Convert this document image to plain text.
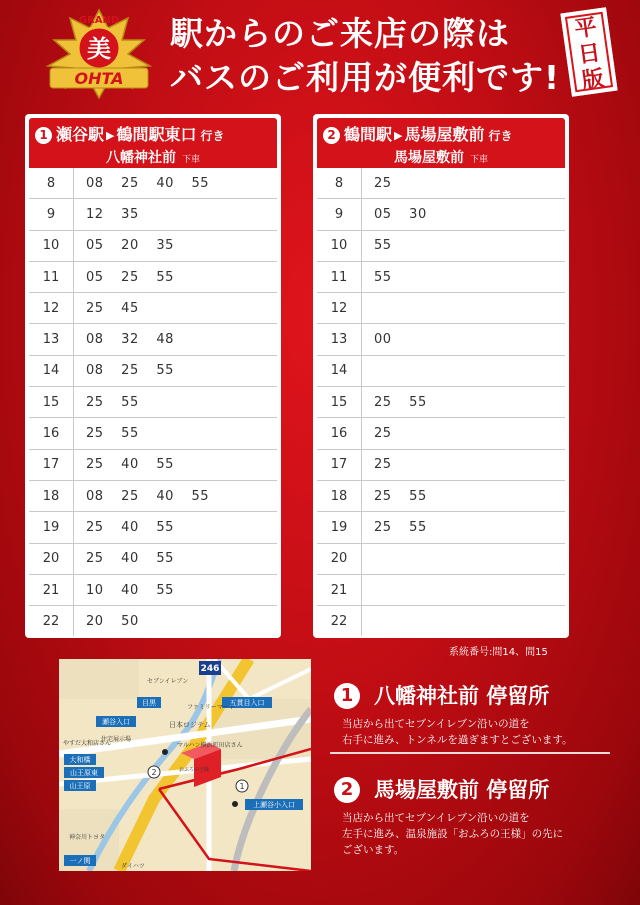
美
GRAND
OHTA
駅からのご来店の際は
バスのご利用が便利です!
平
日
版
1 瀬谷駅 ▶ 鶴間駅東口 行き
八幡神社前 下車
8	08 25 40 55
9	12 35
10	05 20 35
11	05 25 55
12	25 45
13	08 32 48
14	08 25 55
15	25 55
16	25 55
17	25 40 55
18	08 25 40 55
19	25 40 55
20	25 40 55
21	10 40 55
22	20 50
2 鶴間駅 ▶ 馬場屋敷前 行き
馬場屋敷前 下車
8	25
9	05 30
10	55
11	55
12	
13	00
14	
15	25 55
16	25
17	25
18	25 55
19	25 55
20	
21	
22	
系統番号:間14、間15
246
2
1
目黒	五貫目入口
瀬谷入口
大和橋
山王原東
山王原
上瀬谷小入口
一ノ関
セブンイレブン
ファミリーマート
住宅展示場
日本ロジテム
マルハン横浜町田店さん
やすだ大和店さん
神奈川トヨタ
ダイハツ
おふろの王様
1 八幡神社前 停留所
当店から出てセブンイレブン沿いの道を
右手に進み、トンネルを過ぎますとございます。
2 馬場屋敷前 停留所
当店から出てセブンイレブン沿いの道を
左手に進み、温泉施設「おふろの王様」の先に
ございます。
